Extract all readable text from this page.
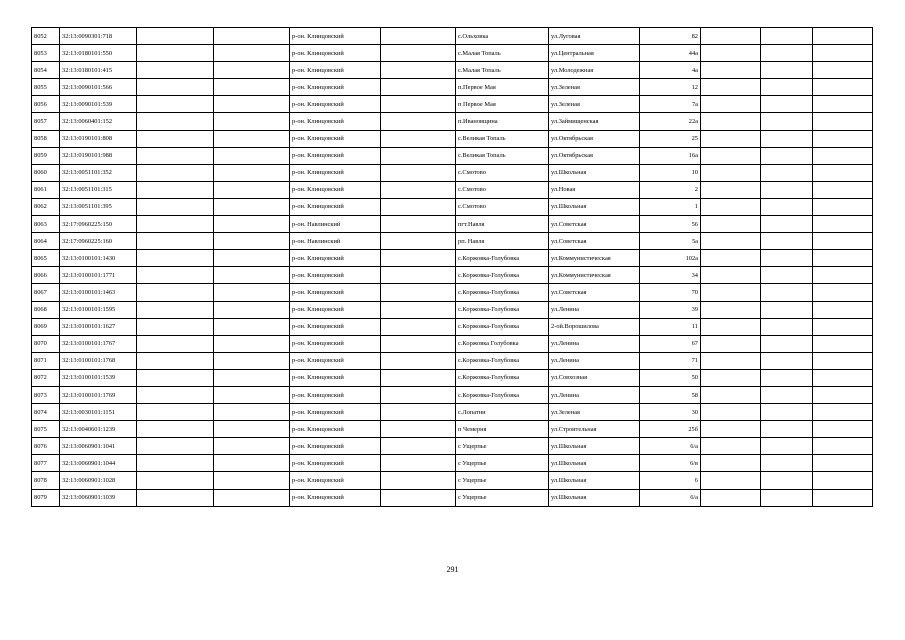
8052	32:13:0090301:718			р-он. Клинцовский		с.Ольховка	ул.Луговая	82			
8053	32:13:0180101:550			р-он. Клинцовский		с.Малая Топаль	ул.Центральная	44а			
8054	32:13:0180101:415			р-он. Клинцовский		с.Малая Топаль	ул.Молодежная	4а			
8055	32:13:0090101:566			р-он. Клинцовский		п.Первое Мая	ул.Зеленая	12			
8056	32:13:0090101:539			р-он. Клинцовский		п Первое Мая	ул.Зеленая	7а			
8057	32:13:0060401:152			р-он. Клинцовский		п.Ивановщина	ул.Займищенская	22а			
8058	32:13:0190101:808			р-он. Клинцовский		с.Великая Топаль	ул.Октябрьская	25			
8059	32:13:0190101:988			р-он. Клинцовский		с.Великая Топаль	ул.Октябрьская	16а			
8060	32:13:0051101:352			р-он. Клинцовский		с.Смотово	ул.Школьная	10			
8061	32:13:0051101:315			р-он. Клинцовский		с.Смотово	ул.Новая	2			
8062	32:13:0051101:395			р-он. Клинцовский		с.Смотово	ул.Школьная	1			
8063	32:17:0960225:150			р-он. Навлинский		пгт.Навля	ул.Советская	56			
8064	32:17:0960225:160			р-он. Навлинский		рп. Навля	ул.Советская	5а			
8065	32:13:0100101:1430			р-он. Клинцовский		с.Коржовка-Голубовка	ул.Коммунистическая	102а			
8066	32:13:0100101:1771			р-он. Клинцовский		с.Коржовка-Голубовка	ул.Коммунистическая	34			
8067	32:13:0100101:1463			р-он. Клинцовский		с.Коржовка-Голубовка	ул.Советская	70			
8068	32:13:0100101:1595			р-он. Клинцовский		с.Коржовка-Голубовка	ул.Ленина	39			
8069	32:13:0100101:1627			р-он. Клинцовский		с.Коржовка-Голубовка	2-ой.Ворошилова	11			
8070	32:13:0100101:1767			р-он. Клинцовский		с.Коржовка Голубовка	ул.Ленина	67			
8071	32:13:0100101:1768			р-он. Клинцовский		с.Коржовка-Голубовка	ул.Ленина	71			
8072	32:13:0100101:1539			р-он. Клинцовский		с.Коржовка-Голубовка	ул.Совхозная	50			
8073	32:13:0100101:1769			р-он. Клинцовский		с.Коржовка-Голубовка	ул.Ленина	58			
8074	32:13:0030101:1151			р-он. Клинцовский		с.Лопатни	ул.Зеленая	30			
8075	32:13:0040601:1239			р-он. Клинцовский		п Чемерня	ул.Строительная	25б			
8076	32:13:0060901:1041			р-он. Клинцовский		с Ущерпье	ул.Школьная	6/а			
8077	32:13:0060901:1044			р-он. Клинцовский		с Ущерпье	ул.Школьная	6/в			
8078	32:13:0060901:1028			р-он. Клинцовский		с Ущерпье	ул.Школьная	6			
8079	32:13:0060901:1039			р-он. Клинцовский		с Ущерпье	ул.Школьная	6/а			
291
